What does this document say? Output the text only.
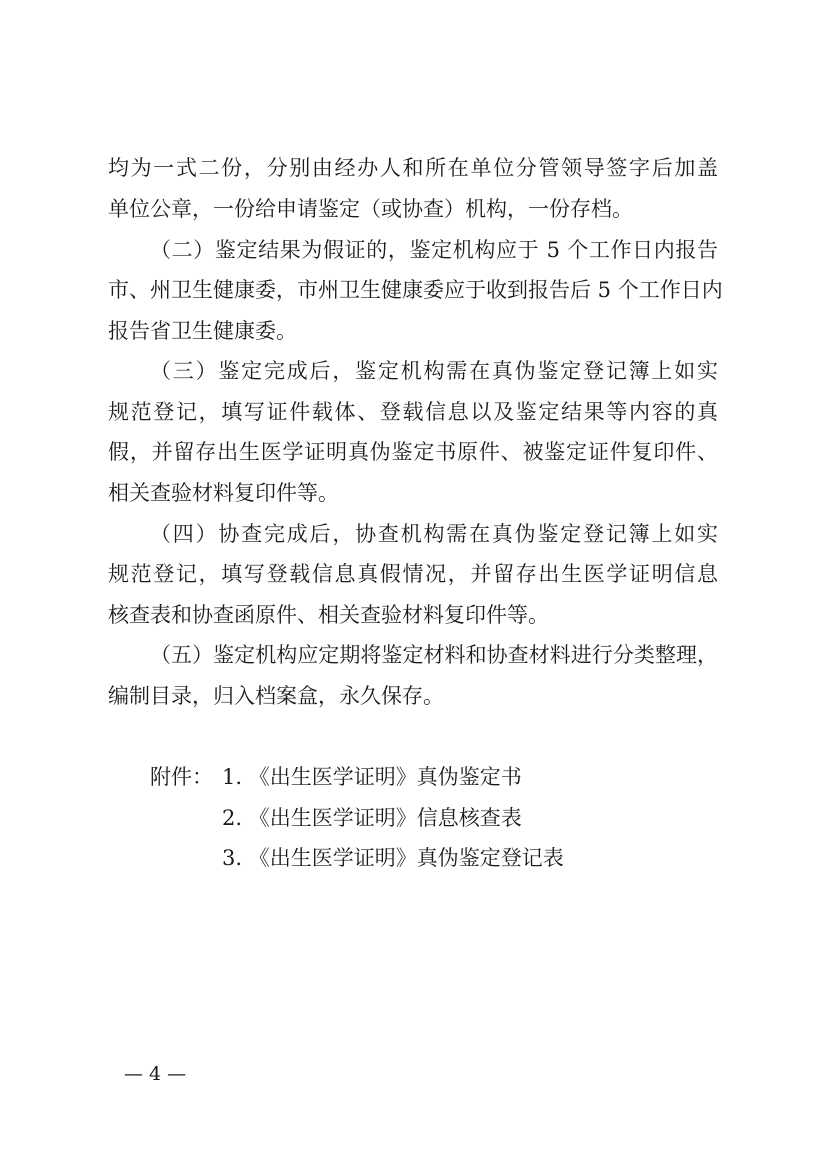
均为一式二份，分别由经办人和所在单位分管领导签字后加盖
单位公章，一份给申请鉴定（或协查）机构，一份存档。
（二）鉴定结果为假证的，鉴定机构应于 5 个工作日内报告
市、州卫生健康委，市州卫生健康委应于收到报告后 5 个工作日内
报告省卫生健康委。
（三）鉴定完成后，鉴定机构需在真伪鉴定登记簿上如实
规范登记，填写证件载体、登载信息以及鉴定结果等内容的真
假，并留存出生医学证明真伪鉴定书原件、被鉴定证件复印件、
相关查验材料复印件等。
（四）协查完成后，协查机构需在真伪鉴定登记簿上如实
规范登记，填写登载信息真假情况，并留存出生医学证明信息
核查表和协查函原件、相关查验材料复印件等。
（五）鉴定机构应定期将鉴定材料和协查材料进行分类整理，
编制目录，归入档案盒，永久保存。
附件： 1. 《出生医学证明》真伪鉴定书
2. 《出生医学证明》信息核查表
3. 《出生医学证明》真伪鉴定登记表
— 4 —
